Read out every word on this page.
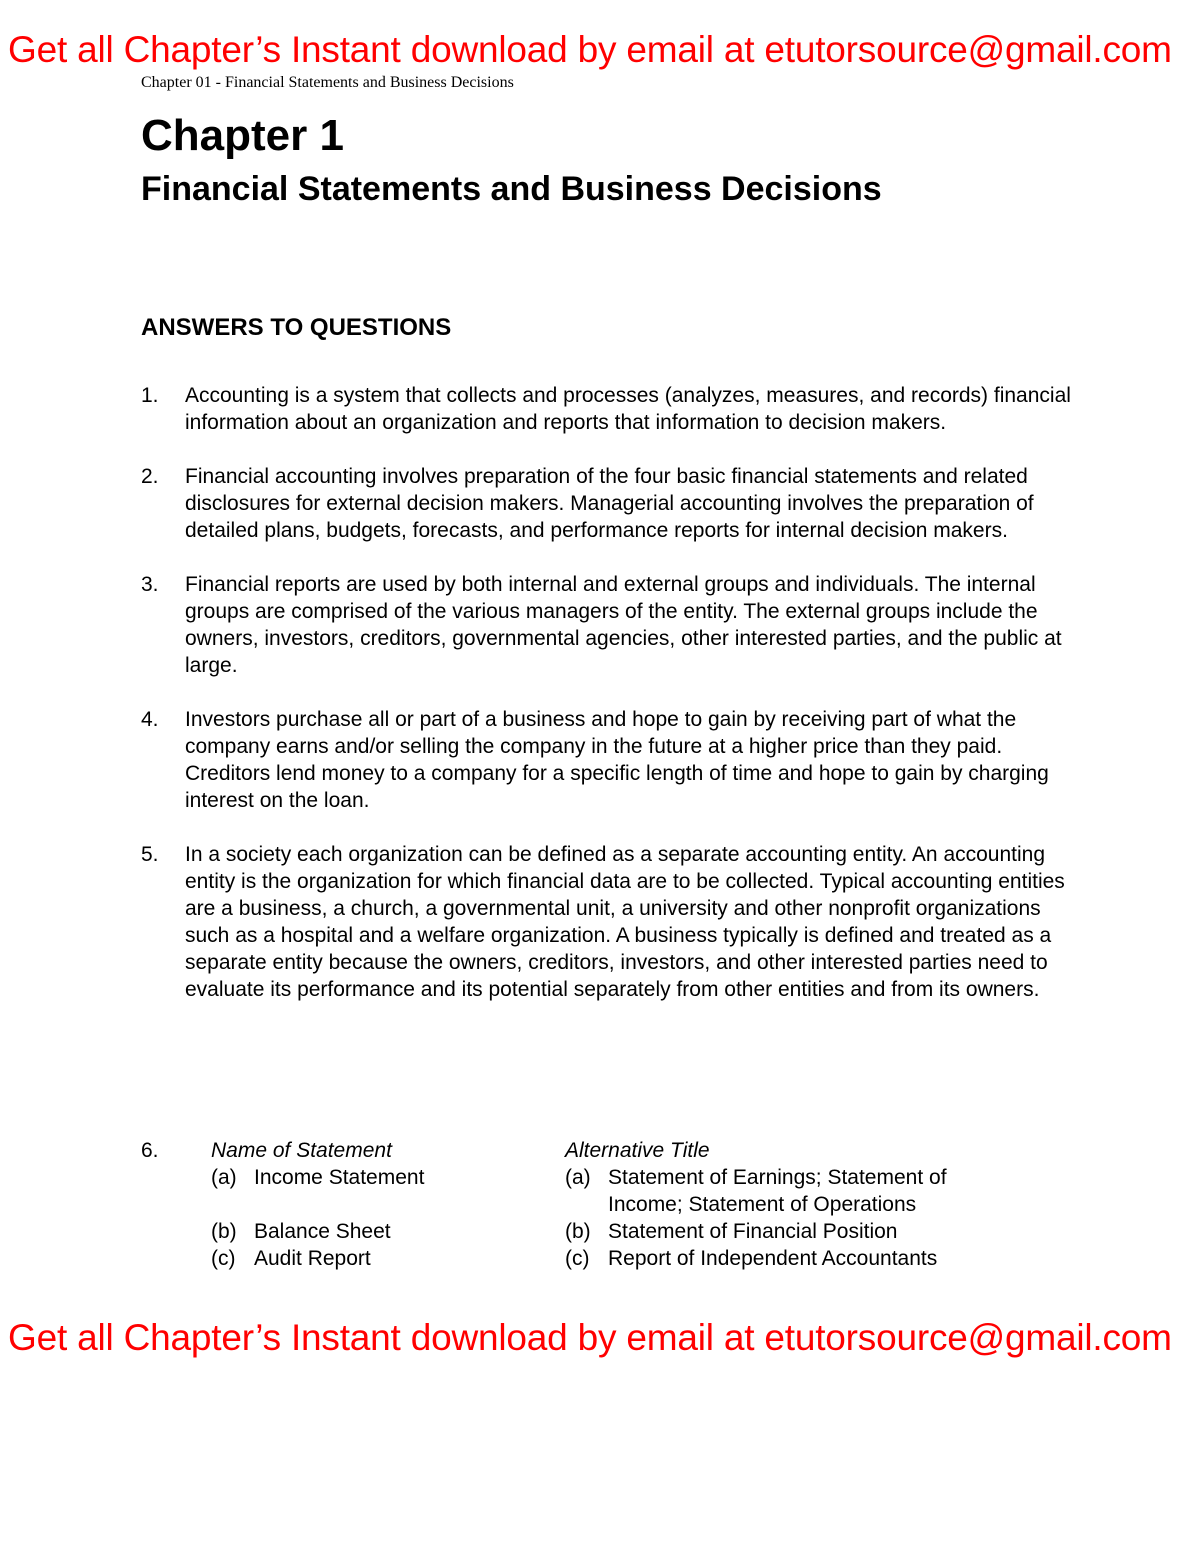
Get all Chapter’s Instant download by email at etutorsource@gmail.com
Chapter 01 - Financial Statements and Business Decisions
Chapter 1
Financial Statements and Business Decisions
ANSWERS TO QUESTIONS
1. Accounting is a system that collects and processes (analyzes, measures, and records) financial information about an organization and reports that information to decision makers.
2. Financial accounting involves preparation of the four basic financial statements and related disclosures for external decision makers. Managerial accounting involves the preparation of detailed plans, budgets, forecasts, and performance reports for internal decision makers.
3. Financial reports are used by both internal and external groups and individuals. The internal groups are comprised of the various managers of the entity. The external groups include the owners, investors, creditors, governmental agencies, other interested parties, and the public at large.
4. Investors purchase all or part of a business and hope to gain by receiving part of what the company earns and/or selling the company in the future at a higher price than they paid. Creditors lend money to a company for a specific length of time and hope to gain by charging interest on the loan.
5. In a society each organization can be defined as a separate accounting entity. An accounting entity is the organization for which financial data are to be collected. Typical accounting entities are a business, a church, a governmental unit, a university and other nonprofit organizations such as a hospital and a welfare organization. A business typically is defined and treated as a separate entity because the owners, creditors, investors, and other interested parties need to evaluate its performance and its potential separately from other entities and from its owners.
6. Name of Statement
(a) Income Statement
(b) Balance Sheet
(c) Audit Report
Alternative Title
(a) Statement of Earnings; Statement of Income; Statement of Operations
(b) Statement of Financial Position
(c) Report of Independent Accountants
Get all Chapter’s Instant download by email at etutorsource@gmail.com
